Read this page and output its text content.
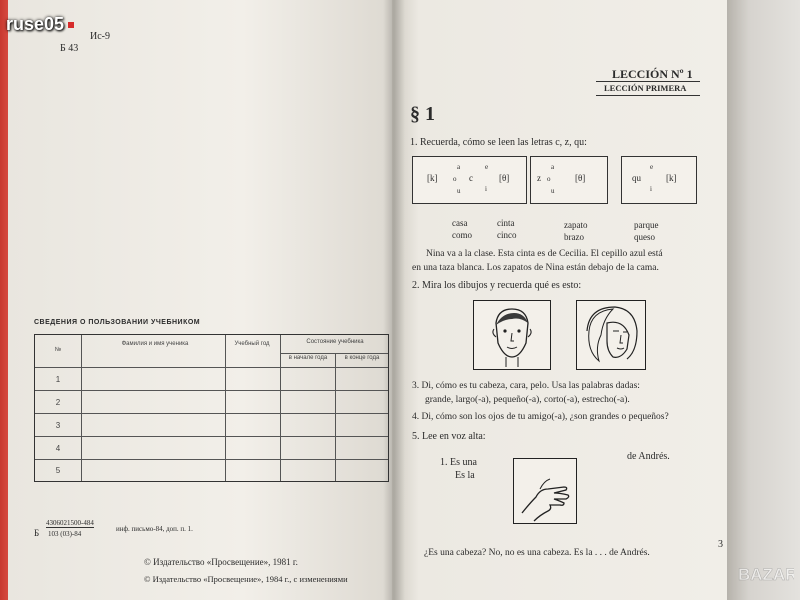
ruse05
Ис-9
Б 43
СВЕДЕНИЯ О ПОЛЬЗОВАНИИ УЧЕБНИКОМ
№
Фамилия и имя ученика	Учебный год	Состояние учебника
в начале года	в конце года
1
2
3
4
5
Б
4306021500-484
103 (03)-84
инф. письмо-84, доп. п. 1.
© Издательство «Просвещение», 1981 г.
© Издательство «Просвещение», 1984 г., с изменениями
LECCIÓN Nº 1
LECCIÓN PRIMERA
§ 1
1. Recuerda, cómo se leen las letras c, z, qu:
[k]
a
o
u
c
e
i
[θ]
a
o
u
z	[θ]	qu
e
i
[k]
casa
como
cinta
cinco
zapato
brazo
parque
queso
Nina va a la clase. Esta cinta es de Cecilia. El cepillo azul está
en una taza blanca. Los zapatos de Nina están debajo de la cama.
2. Mira los dibujos y recuerda qué es esto:
3. Di, cómo es tu cabeza, cara, pelo. Usa las palabras dadas:
grande, largo(-a), pequeño(-a), corto(-a), estrecho(-a).
4. Di, cómo son los ojos de tu amigo(-a), ¿son grandes o pequeños?
5. Lee en voz alta:
1. Es una
Es la
de Andrés.
¿Es una cabeza? No, no es una cabeza. Es la . . . de Andrés.
3
BAZAR
